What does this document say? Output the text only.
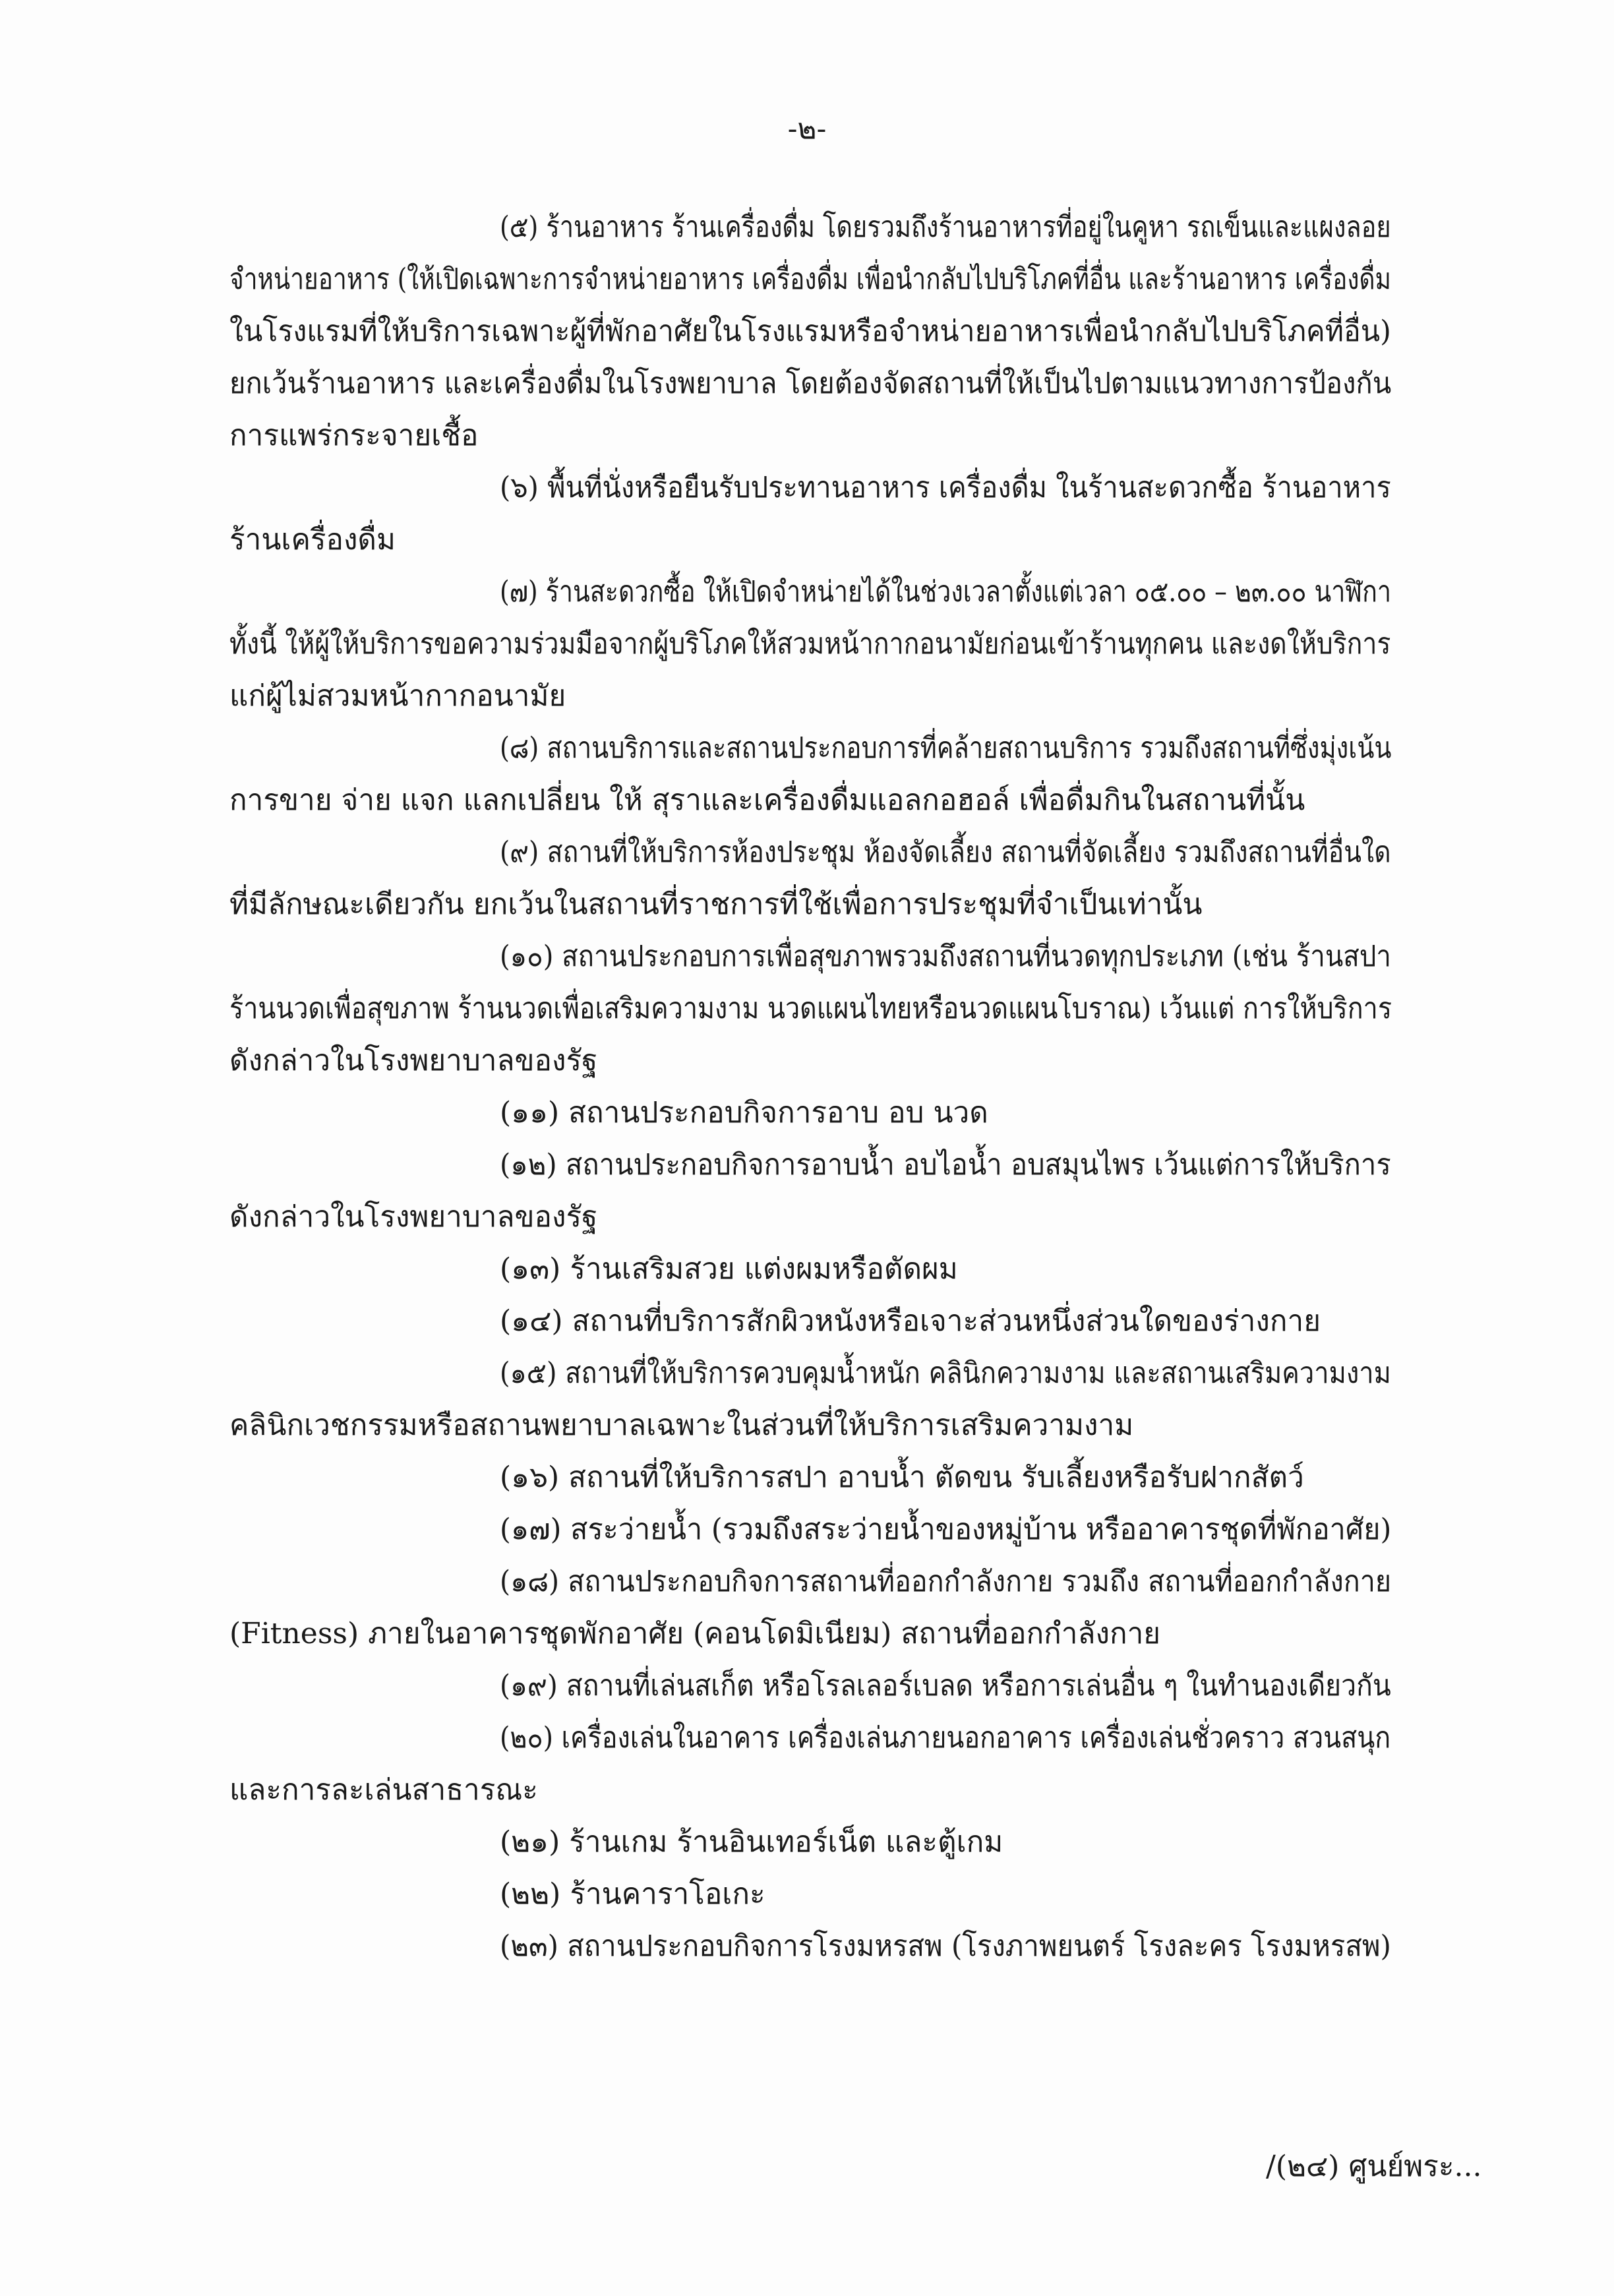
-๒-
(๕) ร้านอาหาร ร้านเครื่องดื่ม โดยรวมถึงร้านอาหารที่อยู่ในคูหา รถเข็นและแผงลอย
จำหน่ายอาหาร (ให้เปิดเฉพาะการจำหน่ายอาหาร เครื่องดื่ม เพื่อนำกลับไปบริโภคที่อื่น และร้านอาหาร เครื่องดื่ม
ในโรงแรมที่ให้บริการเฉพาะผู้ที่พักอาศัยในโรงแรมหรือจำหน่ายอาหารเพื่อนำกลับไปบริโภคที่อื่น)
ยกเว้นร้านอาหาร และเครื่องดื่มในโรงพยาบาล โดยต้องจัดสถานที่ให้เป็นไปตามแนวทางการป้องกัน
การแพร่กระจายเชื้อ
(๖) พื้นที่นั่งหรือยืนรับประทานอาหาร เครื่องดื่ม ในร้านสะดวกซื้อ ร้านอาหาร
ร้านเครื่องดื่ม
(๗) ร้านสะดวกซื้อ ให้เปิดจำหน่ายได้ในช่วงเวลาตั้งแต่เวลา ๐๕.๐๐ – ๒๓.๐๐ นาฬิกา
ทั้งนี้ ให้ผู้ให้บริการขอความร่วมมือจากผู้บริโภคให้สวมหน้ากากอนามัยก่อนเข้าร้านทุกคน และงดให้บริการ
แก่ผู้ไม่สวมหน้ากากอนามัย
(๘) สถานบริการและสถานประกอบการที่คล้ายสถานบริการ รวมถึงสถานที่ซึ่งมุ่งเน้น
การขาย จ่าย แจก แลกเปลี่ยน ให้ สุราและเครื่องดื่มแอลกอฮอล์ เพื่อดื่มกินในสถานที่นั้น
(๙) สถานที่ให้บริการห้องประชุม ห้องจัดเลี้ยง สถานที่จัดเลี้ยง รวมถึงสถานที่อื่นใด
ที่มีลักษณะเดียวกัน ยกเว้นในสถานที่ราชการที่ใช้เพื่อการประชุมที่จำเป็นเท่านั้น
(๑๐) สถานประกอบการเพื่อสุขภาพรวมถึงสถานที่นวดทุกประเภท (เช่น ร้านสปา
ร้านนวดเพื่อสุขภาพ ร้านนวดเพื่อเสริมความงาม นวดแผนไทยหรือนวดแผนโบราณ) เว้นแต่ การให้บริการ
ดังกล่าวในโรงพยาบาลของรัฐ
(๑๑) สถานประกอบกิจการอาบ อบ นวด
(๑๒) สถานประกอบกิจการอาบน้ำ อบไอน้ำ อบสมุนไพร เว้นแต่การให้บริการ
ดังกล่าวในโรงพยาบาลของรัฐ
(๑๓) ร้านเสริมสวย แต่งผมหรือตัดผม
(๑๔) สถานที่บริการสักผิวหนังหรือเจาะส่วนหนึ่งส่วนใดของร่างกาย
(๑๕) สถานที่ให้บริการควบคุมน้ำหนัก คลินิกความงาม และสถานเสริมความงาม
คลินิกเวชกรรมหรือสถานพยาบาลเฉพาะในส่วนที่ให้บริการเสริมความงาม
(๑๖) สถานที่ให้บริการสปา อาบน้ำ ตัดขน รับเลี้ยงหรือรับฝากสัตว์
(๑๗) สระว่ายน้ำ (รวมถึงสระว่ายน้ำของหมู่บ้าน หรืออาคารชุดที่พักอาศัย)
(๑๘) สถานประกอบกิจการสถานที่ออกกำลังกาย รวมถึง สถานที่ออกกำลังกาย
(Fitness) ภายในอาคารชุดพักอาศัย (คอนโดมิเนียม) สถานที่ออกกำลังกาย
(๑๙) สถานที่เล่นสเก็ต หรือโรลเลอร์เบลด หรือการเล่นอื่น ๆ ในทำนองเดียวกัน
(๒๐) เครื่องเล่นในอาคาร เครื่องเล่นภายนอกอาคาร เครื่องเล่นชั่วคราว สวนสนุก
และการละเล่นสาธารณะ
(๒๑) ร้านเกม ร้านอินเทอร์เน็ต และตู้เกม
(๒๒) ร้านคาราโอเกะ
(๒๓) สถานประกอบกิจการโรงมหรสพ (โรงภาพยนตร์ โรงละคร โรงมหรสพ)
/(๒๔) ศูนย์พระ...
